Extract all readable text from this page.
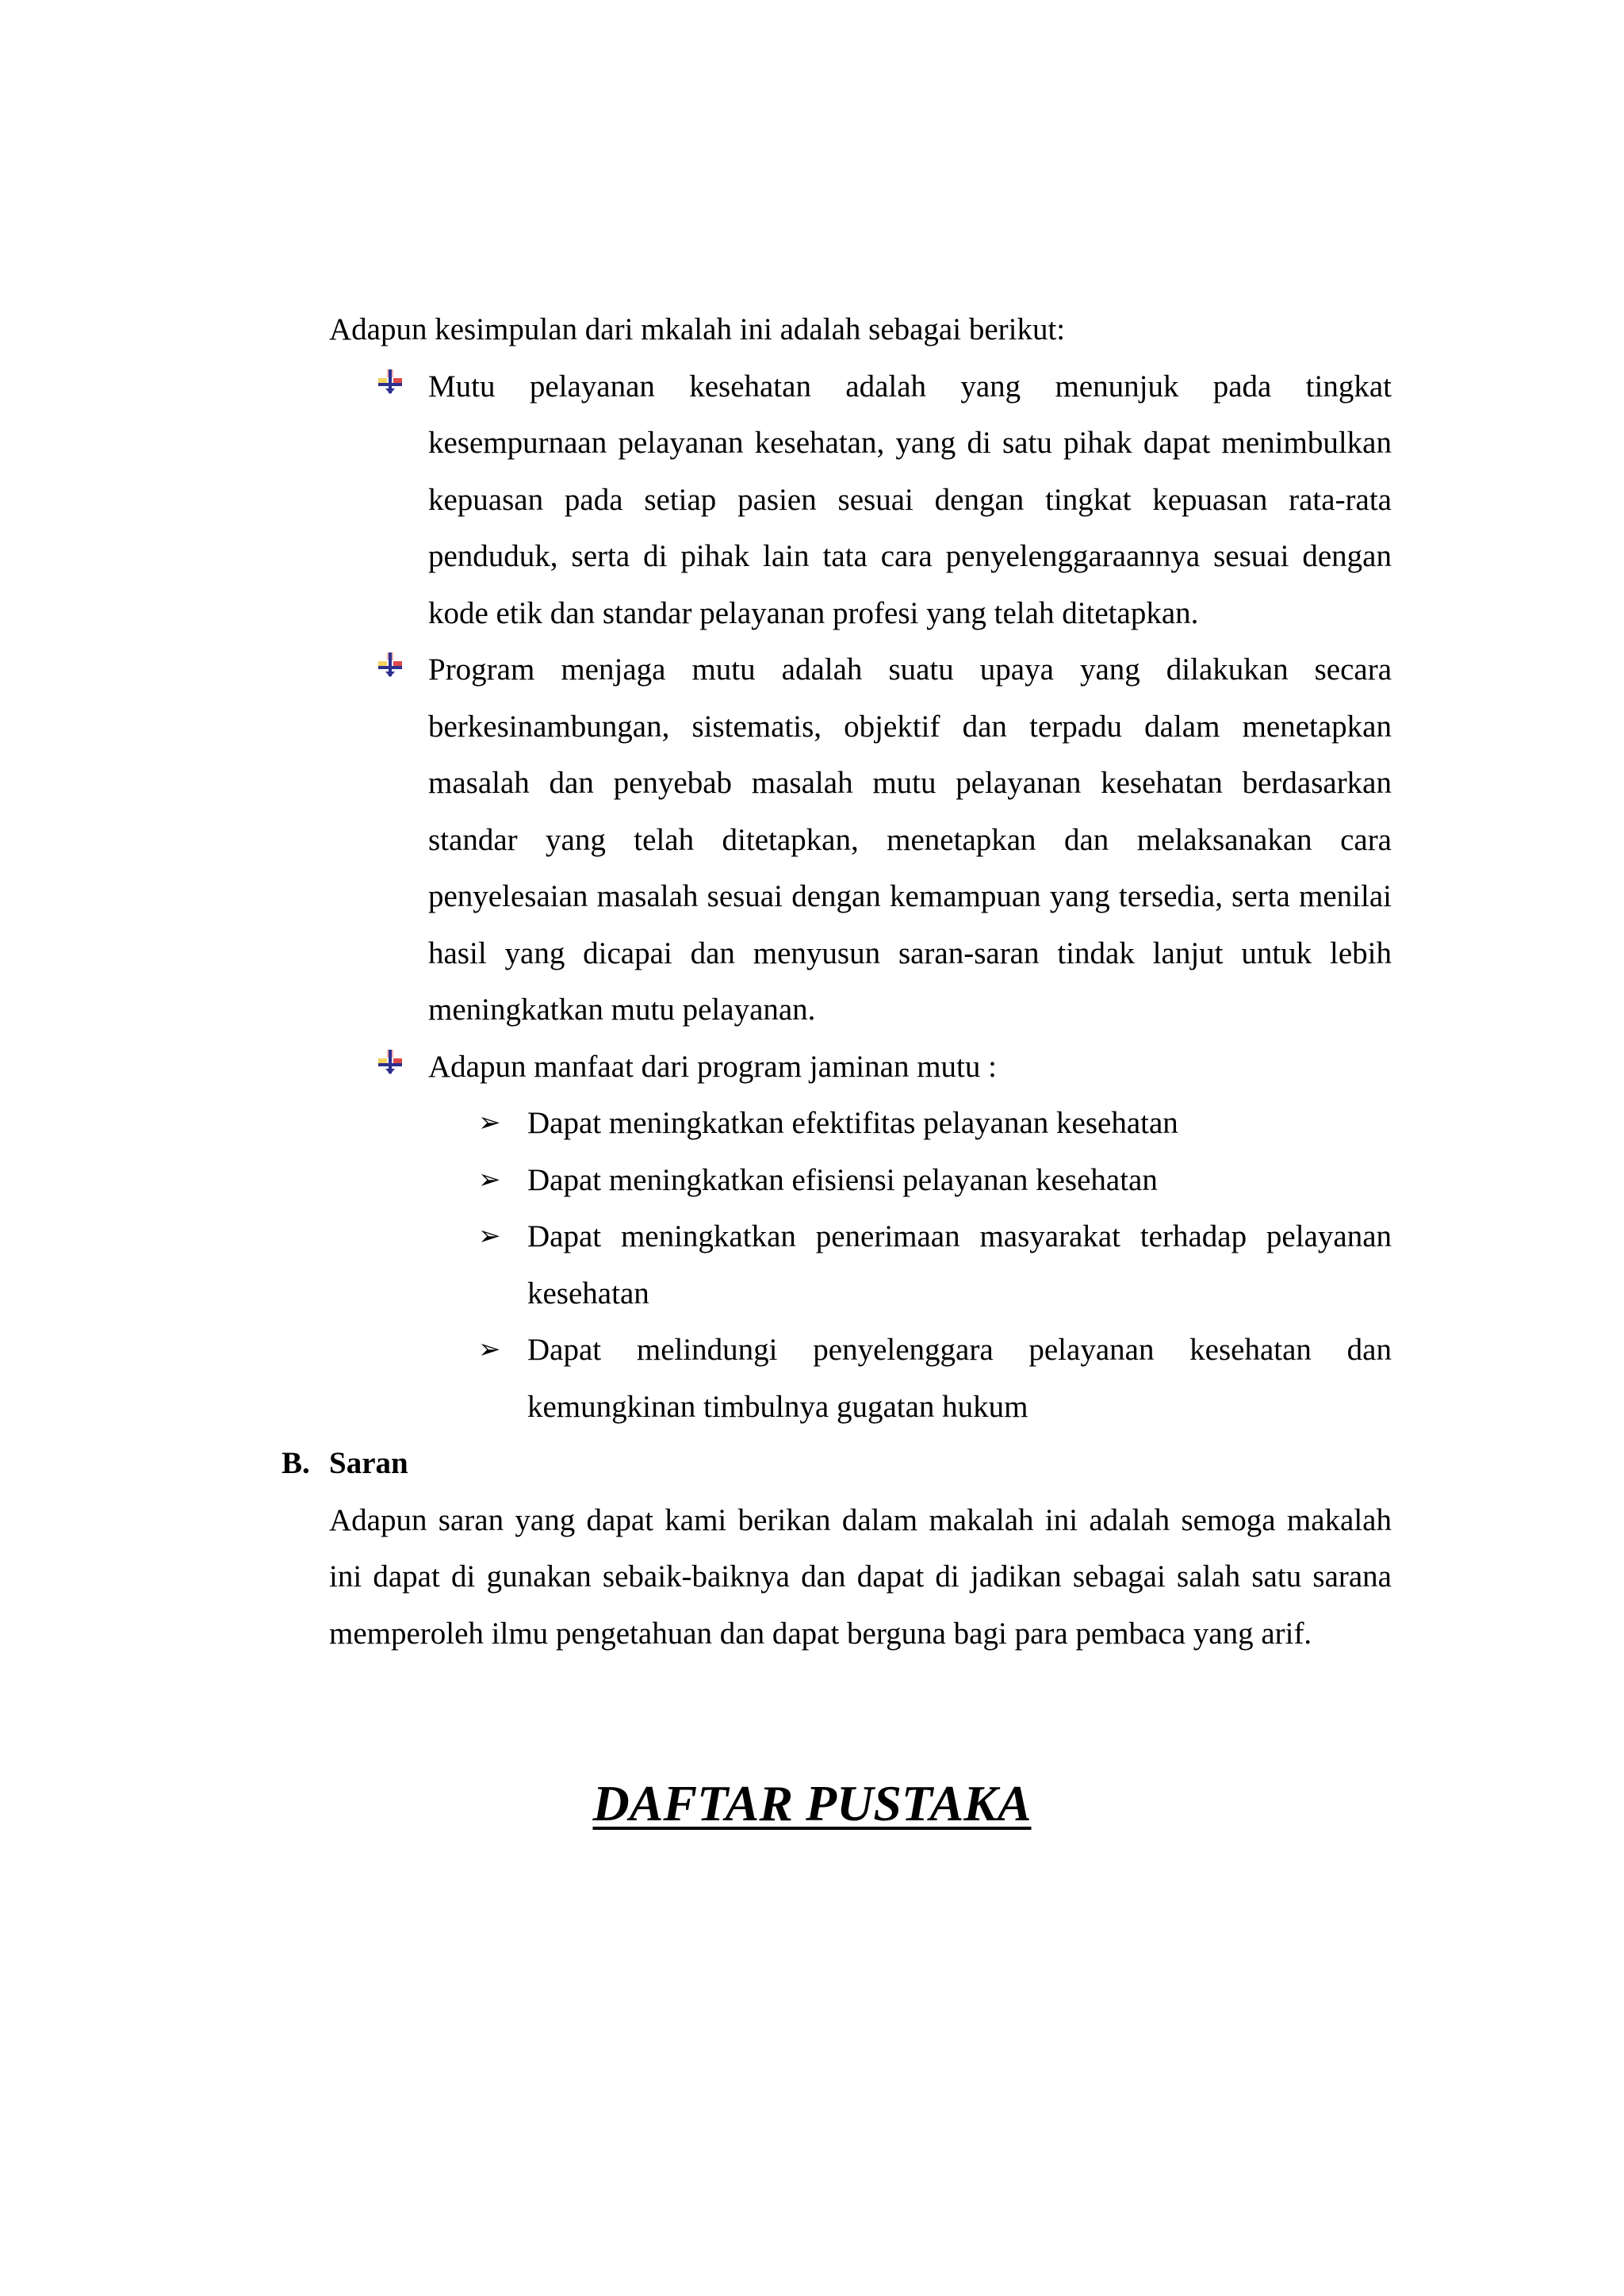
Adapun kesimpulan dari mkalah ini adalah sebagai berikut:

Mutu pelayanan kesehatan adalah yang menunjuk pada tingkat kesempurnaan pelayanan kesehatan, yang di satu pihak dapat menimbulkan kepuasan pada setiap pasien sesuai dengan tingkat kepuasan rata-rata penduduk, serta di pihak lain tata cara penyelenggaraannya sesuai dengan kode etik dan standar pelayanan profesi yang telah ditetapkan.

Program menjaga mutu adalah suatu upaya yang dilakukan secara berkesinambungan, sistematis, objektif dan terpadu dalam menetapkan masalah dan penyebab masalah mutu pelayanan kesehatan berdasarkan standar yang telah ditetapkan, menetapkan dan melaksanakan cara penyelesaian masalah sesuai dengan kemampuan yang tersedia, serta menilai hasil yang dicapai dan menyusun saran-saran tindak lanjut untuk lebih meningkatkan mutu pelayanan.

Adapun manfaat dari program jaminan mutu :

➢ Dapat meningkatkan efektifitas pelayanan kesehatan

➢ Dapat meningkatkan efisiensi pelayanan kesehatan

➢ Dapat meningkatkan penerimaan masyarakat terhadap pelayanan kesehatan

➢ Dapat melindungi penyelenggara pelayanan kesehatan dan kemungkinan timbulnya gugatan hukum

B. Saran

Adapun saran yang dapat kami berikan dalam makalah ini adalah semoga makalah ini dapat di gunakan sebaik-baiknya dan dapat di jadikan sebagai salah satu sarana memperoleh ilmu pengetahuan dan dapat berguna bagi para pembaca yang arif.

DAFTAR PUSTAKA
